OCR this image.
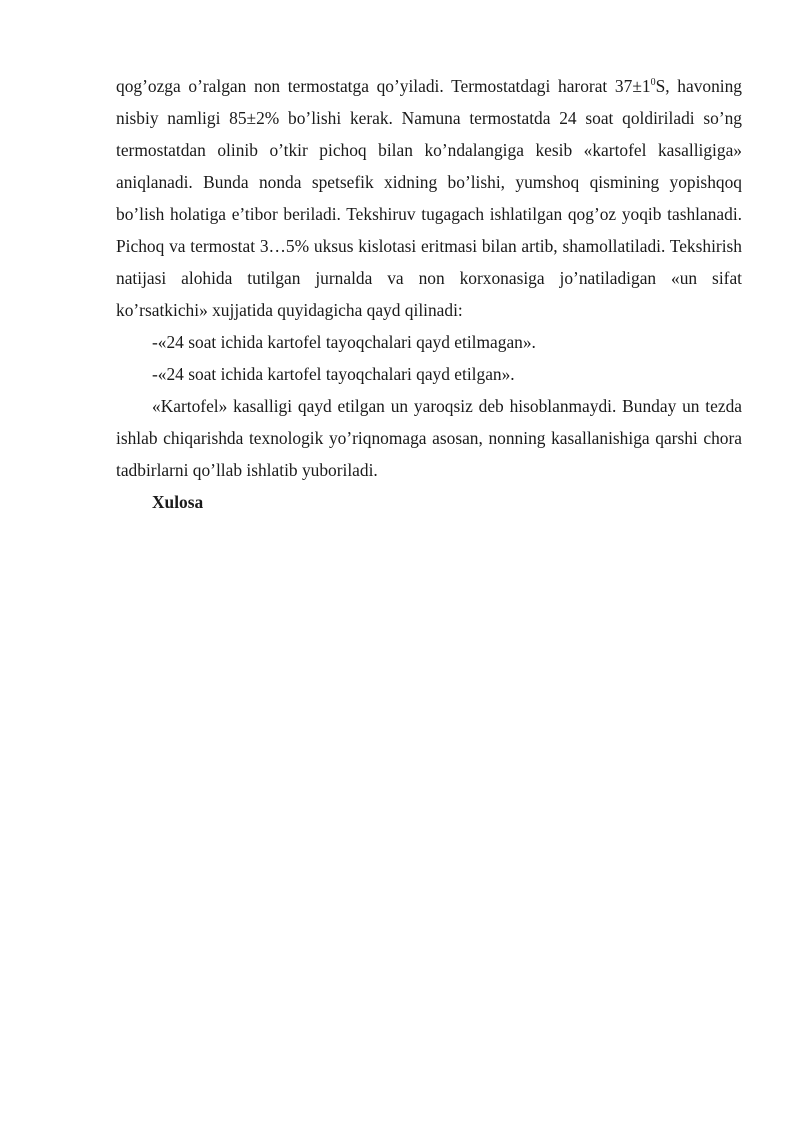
qog’ozga o’ralgan non termostatga qo’yiladi. Termostatdagi harorat $37\pm 1^0S$, havoning nisbiy namligi 85±2% bo’lishi kerak. Namuna termostatda 24 soat qoldiriladi so’ng termostatdan olinib o’tkir pichoq bilan ko’ndalangiga kesib «kartofel kasalligiga» aniqlanadi. Bunda nonda spetsefik xidning bo’lishi, yumshoq qismining yopishqoq bo’lish holatiga e’tibor beriladi. Tekshiruv tugagach ishlatilgan qog’oz yoqib tashlanadi. Pichoq va termostat 3…5% uksus kislotasi eritmasi bilan artib, shamollatiladi. Tekshirish natijasi alohida tutilgan jurnalda va non korxonasiga jo’natiladigan «un sifat ko’rsatkichi» xujjatida quyidagicha qayd qilinadi:

-«24 soat ichida kartofel tayoqchalari qayd etilmagan».

-«24 soat ichida kartofel tayoqchalari qayd etilgan».

«Kartofel» kasalligi qayd etilgan un yaroqsiz deb hisoblanmaydi. Bunday un tezda ishlab chiqarishda texnologik yo’riqnomaga asosan, nonning kasallanishiga qarshi chora tadbirlarni qo’llab ishlatib yuboriladi.

Xulosa
